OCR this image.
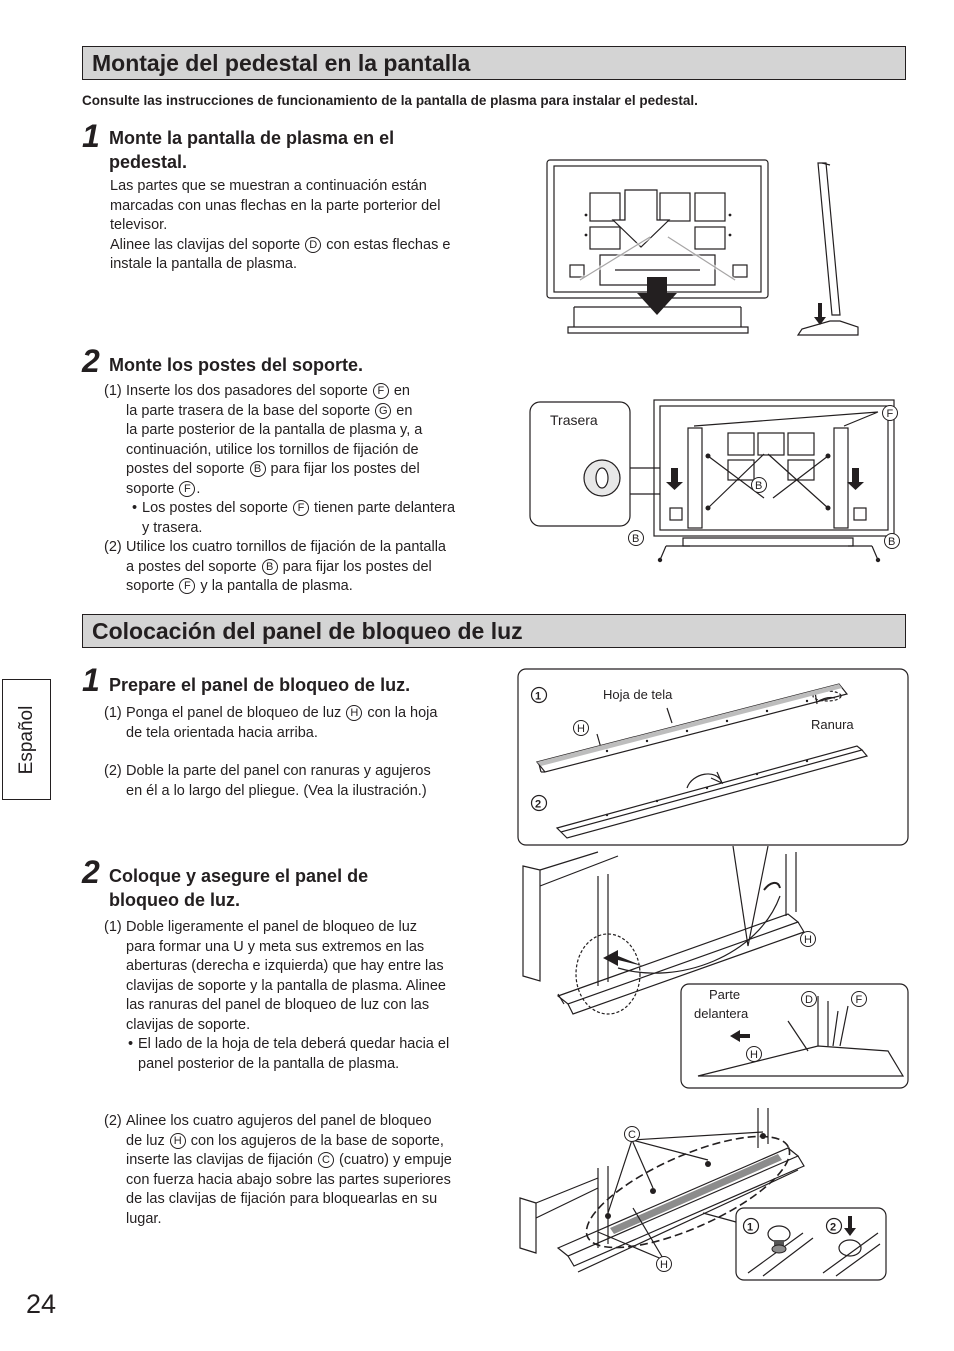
Montaje del pedestal en la pantalla
Consulte las instrucciones de funcionamiento de la pantalla de plasma para instalar el pedestal.
1 Monte la pantalla de plasma en el
pedestal.

Las partes que se muestran a continuación están

marcadas con unas flechas en la parte porterior del

televisor.

Alinee las clavijas del soporte D con estas flechas e

instale la pantalla de plasma.

2 Monte los postes del soporte.
(1) Inserte los dos pasadores del soporte F en

la parte trasera de la base del soporte G en

la parte posterior de la pantalla de plasma y, a

continuación, utilice los tornillos de fijación de

postes del soporte B para fijar los postes del

soporte F .

• Los postes del soporte F tienen parte delantera

y trasera.

(2) Utilice los cuatro tornillos de fijación de la pantalla

a postes del soporte B para fijar los postes del

soporte F y la pantalla de plasma.

Trasera	F
B
B	B
Colocación del panel de bloqueo de luz
1 Prepare el panel de bloqueo de luz.
(1) Ponga el panel de bloqueo de luz H con la hoja

de tela orientada hacia arriba.

(2) Doble la parte del panel con ranuras y agujeros

en él a lo largo del pliegue. (Vea la ilustración.)

1
2
H
Hoja de tela
Ranura
2 Coloque y asegure el panel de
bloqueo de luz.
(1) Doble ligeramente el panel de bloqueo de luz

para formar una U y meta sus extremos en las

aberturas (derecha e izquierda) que hay entre las

clavijas de soporte y la pantalla de plasma. Alinee

las ranuras del panel de bloqueo de luz con las

clavijas de soporte.

• El lado de la hoja de tela deberá quedar hacia el

panel posterior de la pantalla de plasma.

(2) Alinee los cuatro agujeros del panel de bloqueo

de luz H con los agujeros de la base de soporte,

inserte las clavijas de fijación C (cuatro) y empuje

con fuerza hacia abajo sobre las partes superiores

de las clavijas de fijación para bloquearlas en su

lugar.

H
Parte
delantera
D	F
H
C
H
1	2
Español
24
